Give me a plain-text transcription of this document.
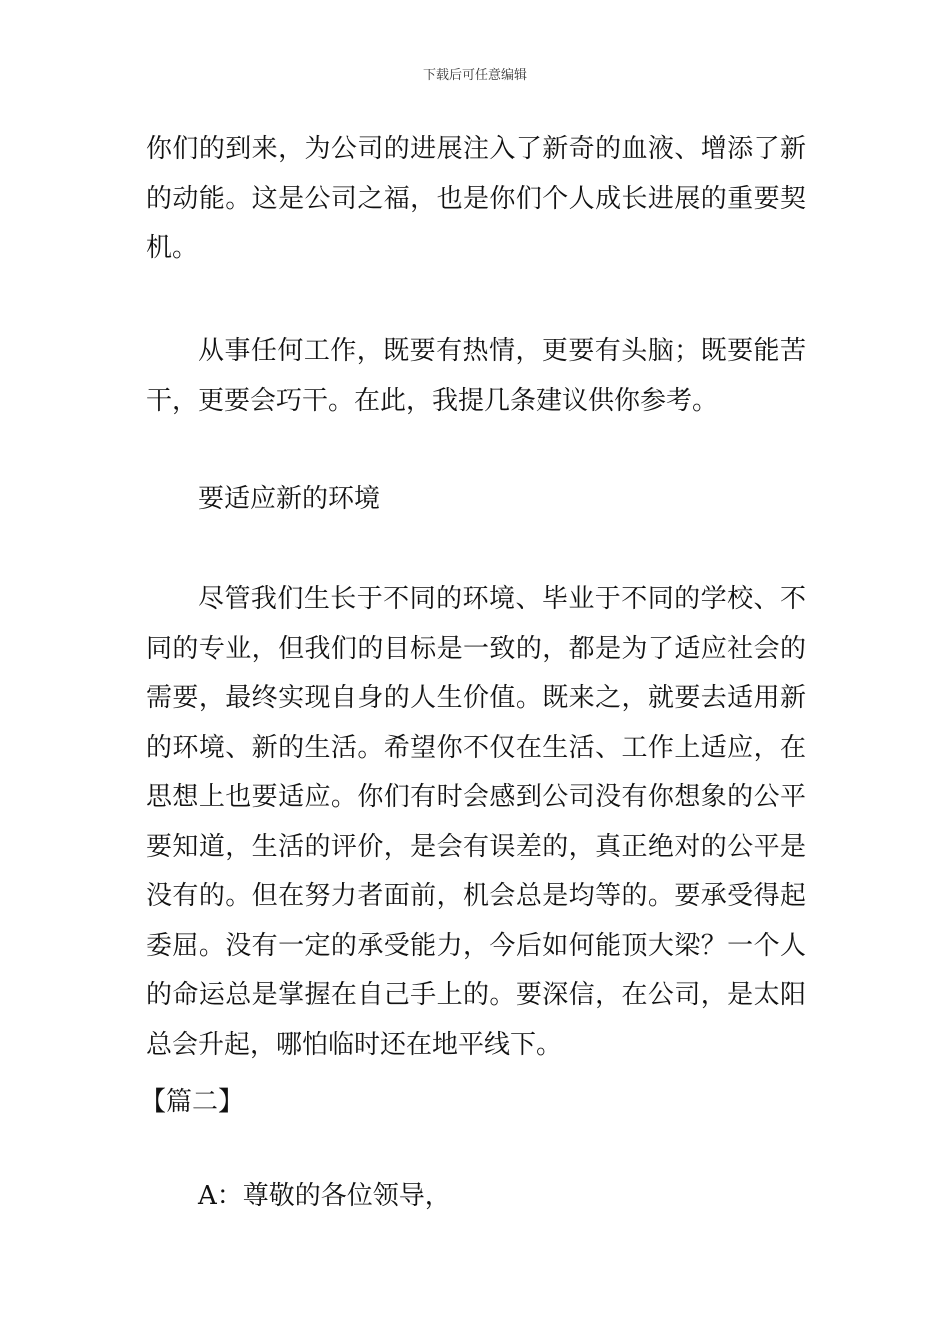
下载后可任意编辑
你们的到来，为公司的进展注入了新奇的血液、增添了新的动能。这是公司之福，也是你们个人成长进展的重要契机。
从事任何工作，既要有热情，更要有头脑；既要能苦干，更要会巧干。在此，我提几条建议供你参考。
要适应新的环境
尽管我们生长于不同的环境、毕业于不同的学校、不同的专业，但我们的目标是一致的，都是为了适应社会的需要，最终实现自身的人生价值。既来之，就要去适用新的环境、新的生活。希望你不仅在生活、工作上适应，在思想上也要适应。你们有时会感到公司没有你想象的公平要知道，生活的评价，是会有误差的，真正绝对的公平是没有的。但在努力者面前，机会总是均等的。要承受得起委屈。没有一定的承受能力，今后如何能顶大梁？一个人的命运总是掌握在自己手上的。要深信，在公司，是太阳总会升起，哪怕临时还在地平线下。
【篇二】
A：尊敬的各位领导，
